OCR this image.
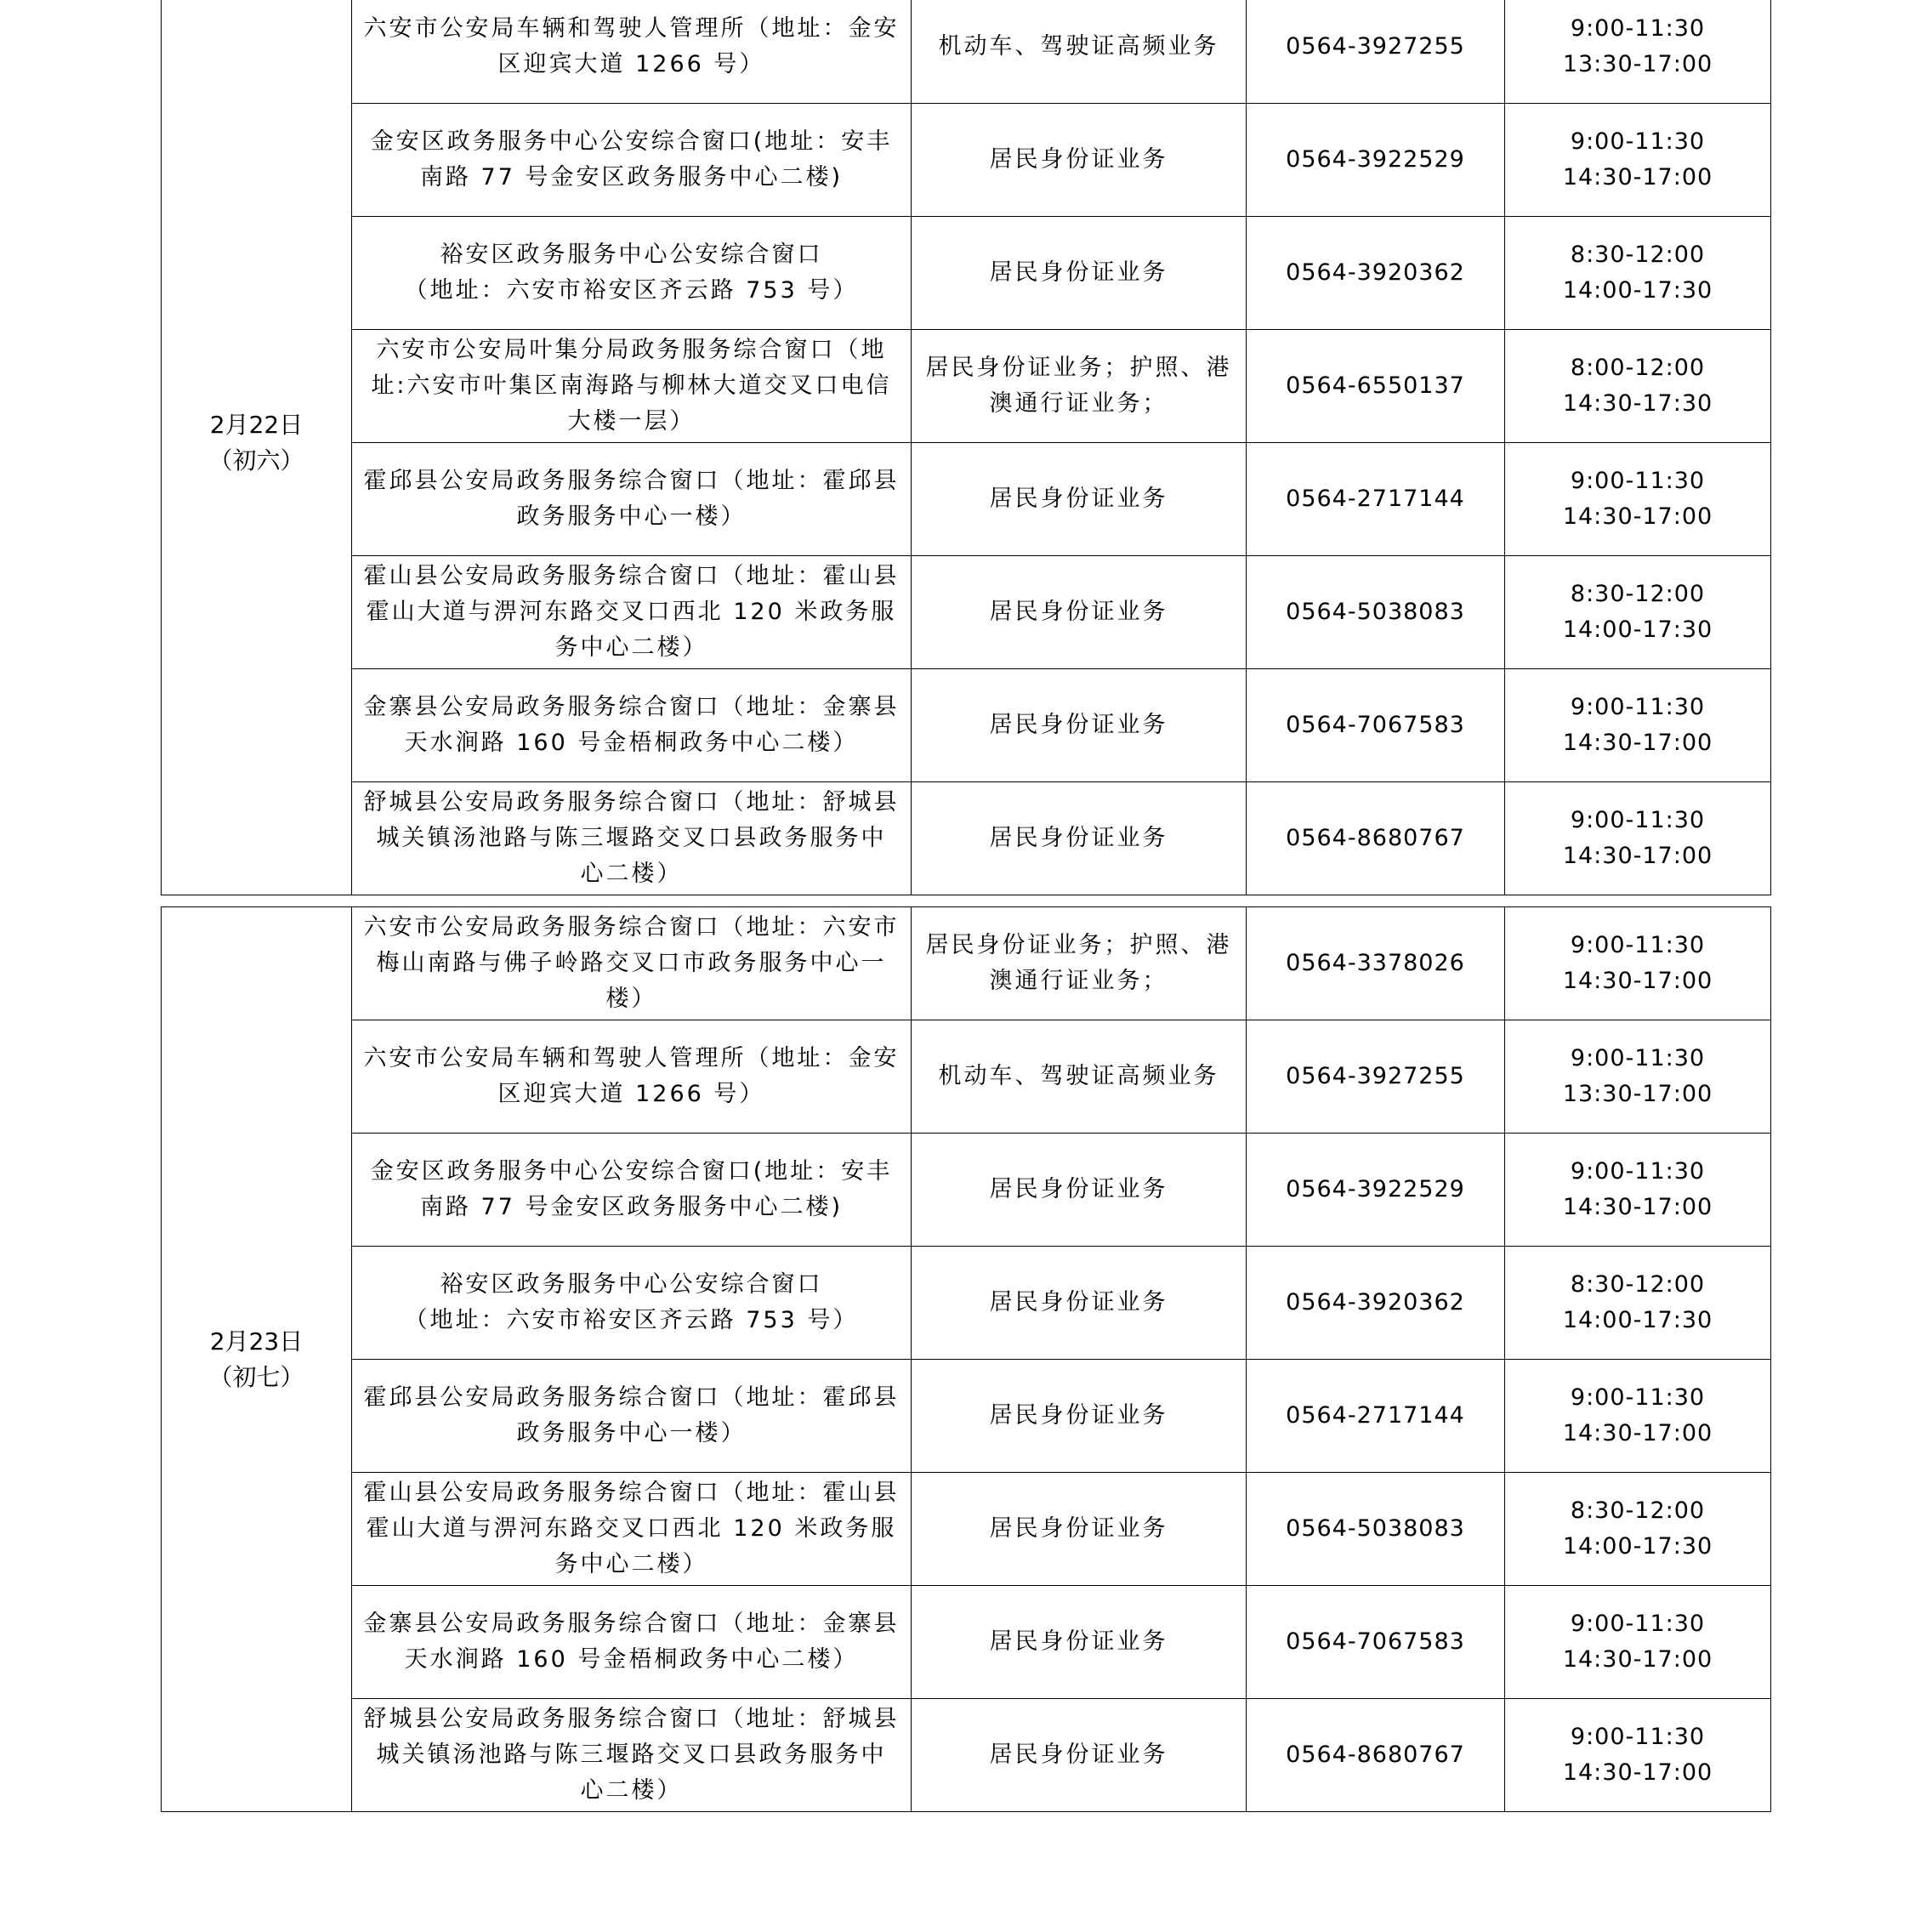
2月22日
（初六）	六安市公安局车辆和驾驶人管理所（地址：金安
区迎宾大道 1266 号）	机动车、驾驶证高频业务	0564-3927255	9:00-11:30
13:30-17:00

	金安区政务服务中心公安综合窗口(地址：安丰
南路 77 号金安区政务服务中心二楼)	居民身份证业务	0564-3922529	9:00-11:30
14:30-17:00

	裕安区政务服务中心公安综合窗口
（地址：六安市裕安区齐云路 753 号）	居民身份证业务	0564-3920362	8:30-12:00
14:00-17:30

	六安市公安局叶集分局政务服务综合窗口（地
址:六安市叶集区南海路与柳林大道交叉口电信
大楼一层）	居民身份证业务；护照、港
澳通行证业务；	0564-6550137	8:00-12:00
14:30-17:30

	霍邱县公安局政务服务综合窗口（地址：霍邱县
政务服务中心一楼）	居民身份证业务	0564-2717144	9:00-11:30
14:30-17:00

	霍山县公安局政务服务综合窗口（地址：霍山县
霍山大道与淠河东路交叉口西北 120 米政务服
务中心二楼）	居民身份证业务	0564-5038083	8:30-12:00
14:00-17:30

	金寨县公安局政务服务综合窗口（地址：金寨县
天水涧路 160 号金梧桐政务中心二楼）	居民身份证业务	0564-7067583	9:00-11:30
14:30-17:00

	舒城县公安局政务服务综合窗口（地址：舒城县
城关镇汤池路与陈三堰路交叉口县政务服务中
心二楼）	居民身份证业务	0564-8680767	9:00-11:30
14:30-17:00
2月23日
（初七）	六安市公安局政务服务综合窗口（地址：六安市
梅山南路与佛子岭路交叉口市政务服务中心一
楼）	居民身份证业务；护照、港
澳通行证业务；	0564-3378026	9:00-11:30
14:30-17:00

	六安市公安局车辆和驾驶人管理所（地址：金安
区迎宾大道 1266 号）	机动车、驾驶证高频业务	0564-3927255	9:00-11:30
13:30-17:00

	金安区政务服务中心公安综合窗口(地址：安丰
南路 77 号金安区政务服务中心二楼)	居民身份证业务	0564-3922529	9:00-11:30
14:30-17:00

	裕安区政务服务中心公安综合窗口
（地址：六安市裕安区齐云路 753 号）	居民身份证业务	0564-3920362	8:30-12:00
14:00-17:30

	霍邱县公安局政务服务综合窗口（地址：霍邱县
政务服务中心一楼）	居民身份证业务	0564-2717144	9:00-11:30
14:30-17:00

	霍山县公安局政务服务综合窗口（地址：霍山县
霍山大道与淠河东路交叉口西北 120 米政务服
务中心二楼）	居民身份证业务	0564-5038083	8:30-12:00
14:00-17:30

	金寨县公安局政务服务综合窗口（地址：金寨县
天水涧路 160 号金梧桐政务中心二楼）	居民身份证业务	0564-7067583	9:00-11:30
14:30-17:00

	舒城县公安局政务服务综合窗口（地址：舒城县
城关镇汤池路与陈三堰路交叉口县政务服务中
心二楼）	居民身份证业务	0564-8680767	9:00-11:30
14:30-17:00
